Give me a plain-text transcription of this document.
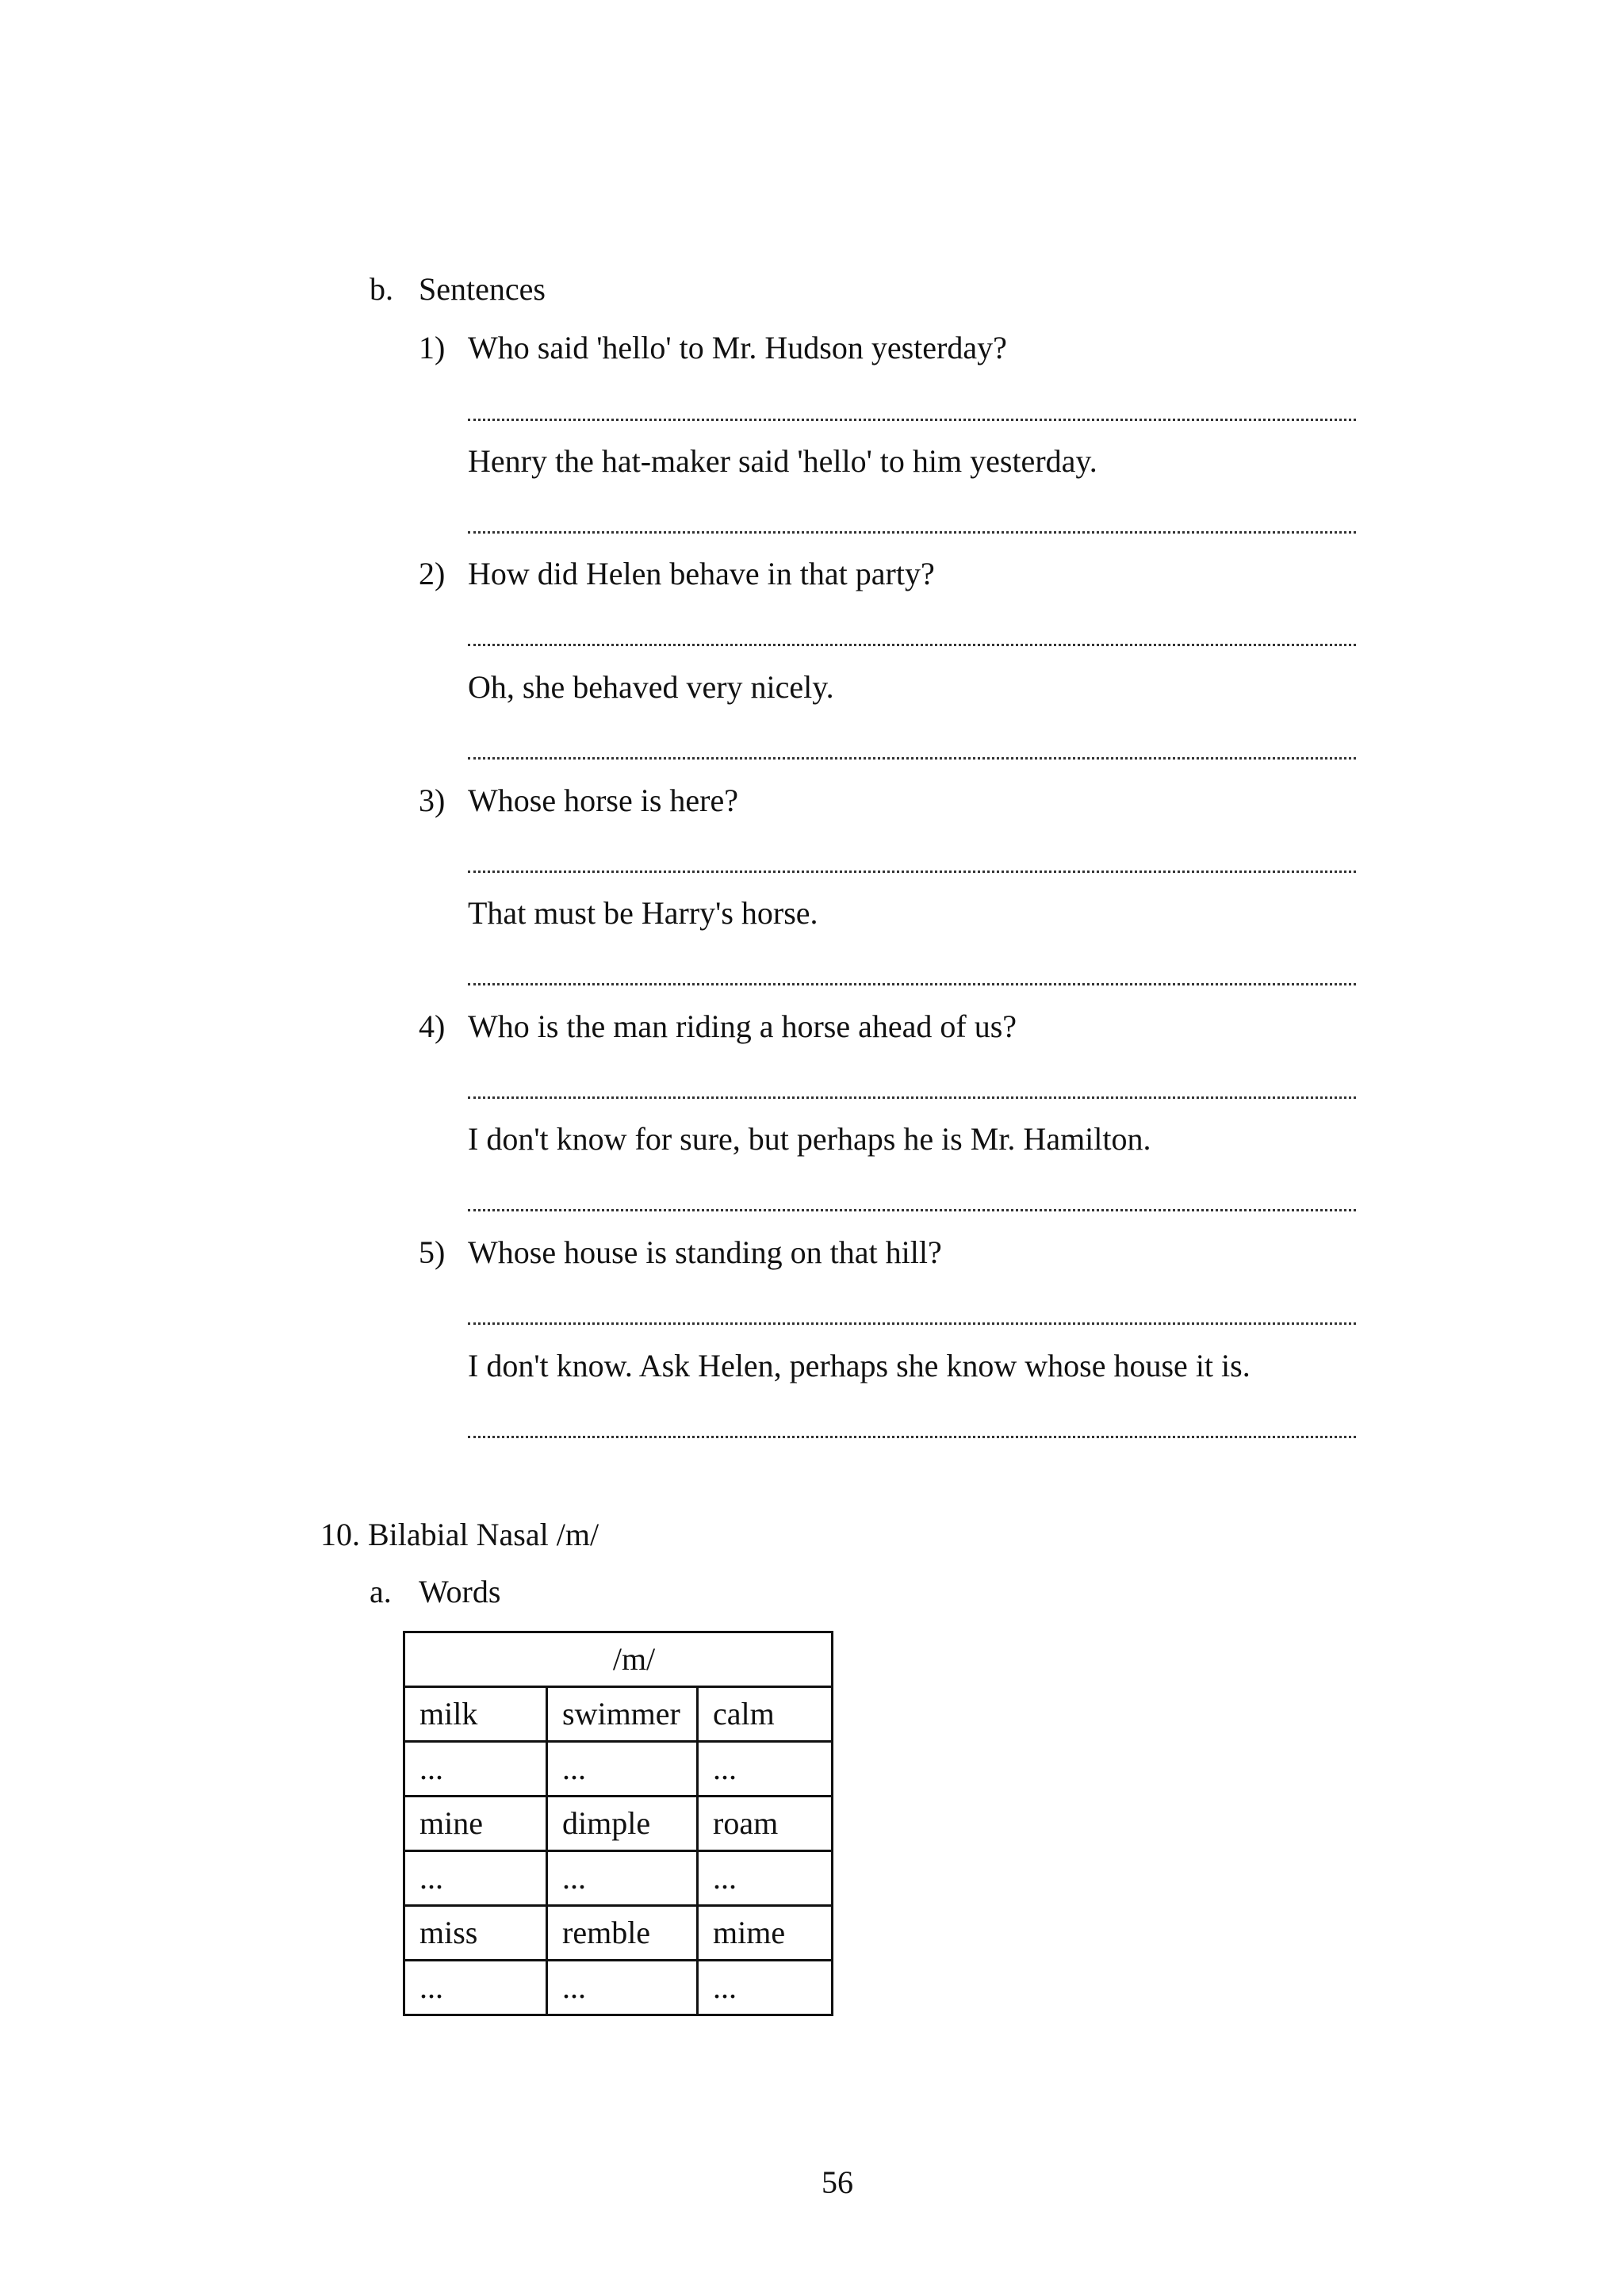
b. Sentences
1) Who said 'hello' to Mr. Hudson yesterday?
Henry the hat-maker said 'hello' to him yesterday.
2) How did Helen behave in that party?
Oh, she behaved very nicely.
3) Whose horse is here?
That must be Harry's horse.
4) Who is the man riding a horse ahead of us?
I don't know for sure, but perhaps he is Mr. Hamilton.
5) Whose house is standing on that hill?
I don't know. Ask Helen, perhaps she know whose house it is.
10. Bilabial Nasal /m/
a. Words
/m/		
milk	swimmer	calm
...	...	...
mine	dimple	roam
...	...	...
miss	remble	mime
...	...	...
56
